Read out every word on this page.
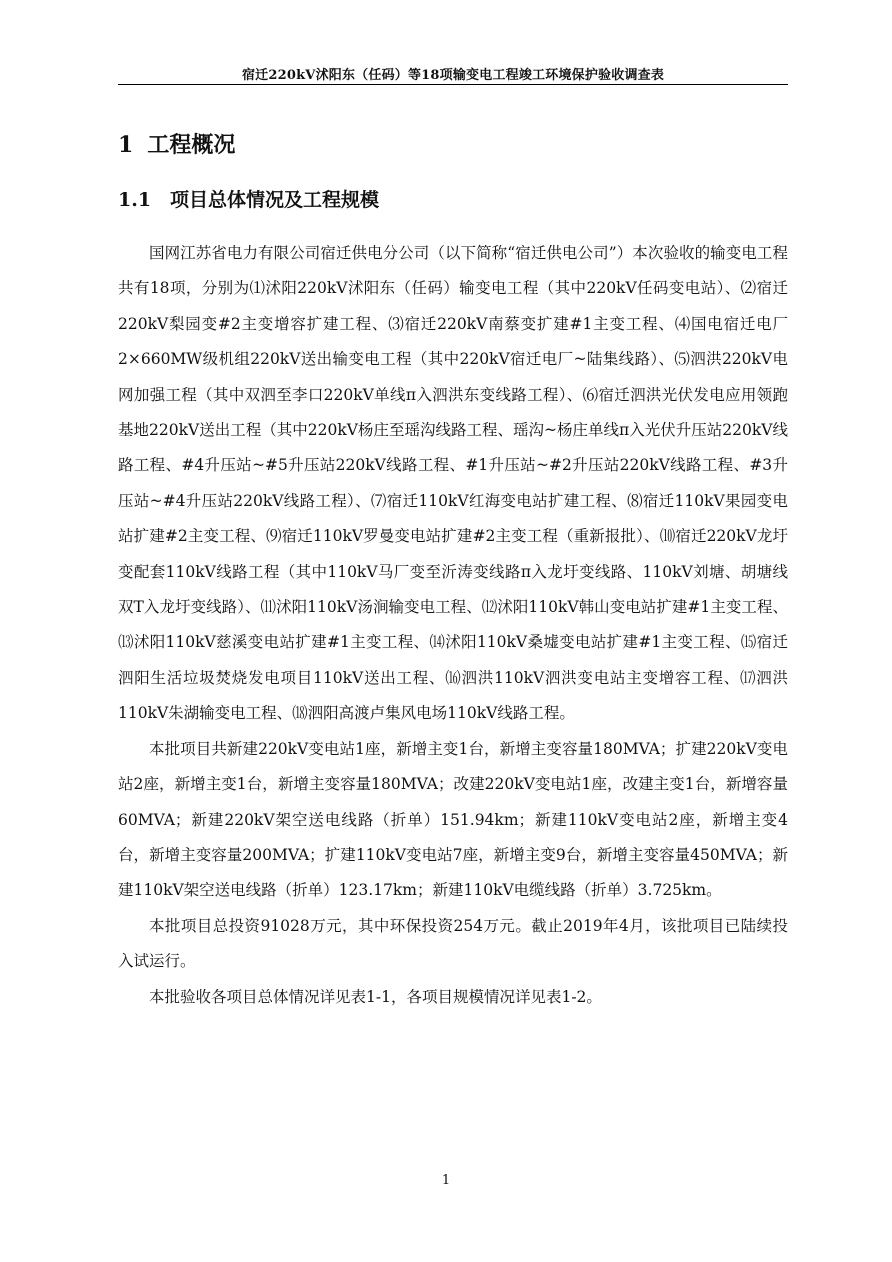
宿迁220kV沭阳东（任码）等18项输变电工程竣工环境保护验收调查表
1 工程概况
1.1 项目总体情况及工程规模

国网江苏省电力有限公司宿迁供电分公司（以下简称“宿迁供电公司”）本次验收的输变电工程共有18项，分别为⑴沭阳220kV沭阳东（任码）输变电工程（其中220kV任码变电站）、⑵宿迁220kV梨园变#2主变增容扩建工程、⑶宿迁220kV南蔡变扩建#1主变工程、⑷国电宿迁电厂2×660MW级机组220kV送出输变电工程（其中220kV宿迁电厂~陆集线路）、⑸泗洪220kV电网加强工程（其中双泗至李口220kV单线π入泗洪东变线路工程）、⑹宿迁泗洪光伏发电应用领跑基地220kV送出工程（其中220kV杨庄至瑶沟线路工程、瑶沟~杨庄单线π入光伏升压站220kV线路工程、#4升压站~#5升压站220kV线路工程、#1升压站~#2升压站220kV线路工程、#3升压站~#4升压站220kV线路工程）、⑺宿迁110kV红海变电站扩建工程、⑻宿迁110kV果园变电站扩建#2主变工程、⑼宿迁110kV罗曼变电站扩建#2主变工程（重新报批）、⑽宿迁220kV龙圩变配套110kV线路工程（其中110kV马厂变至沂涛变线路π入龙圩变线路、110kV刘塘、胡塘线双T入龙圩变线路）、⑾沭阳110kV汤涧输变电工程、⑿沭阳110kV韩山变电站扩建#1主变工程、⒀沭阳110kV慈溪变电站扩建#1主变工程、⒁沭阳110kV桑墟变电站扩建#1主变工程、⒂宿迁泗阳生活垃圾焚烧发电项目110kV送出工程、⒃泗洪110kV泗洪变电站主变增容工程、⒄泗洪110kV朱湖输变电工程、⒅泗阳高渡卢集风电场110kV线路工程。

本批项目共新建220kV变电站1座，新增主变1台，新增主变容量180MVA；扩建220kV变电站2座，新增主变1台，新增主变容量180MVA；改建220kV变电站1座，改建主变1台，新增容量60MVA；新建220kV架空送电线路（折单）151.94km；新建110kV变电站2座，新增主变4台，新增主变容量200MVA；扩建110kV变电站7座，新增主变9台，新增主变容量450MVA；新建110kV架空送电线路（折单）123.17km；新建110kV电缆线路（折单）3.725km。

本批项目总投资91028万元，其中环保投资254万元。截止2019年4月，该批项目已陆续投入试运行。

本批验收各项目总体情况详见表1-1，各项目规模情况详见表1-2。

1
